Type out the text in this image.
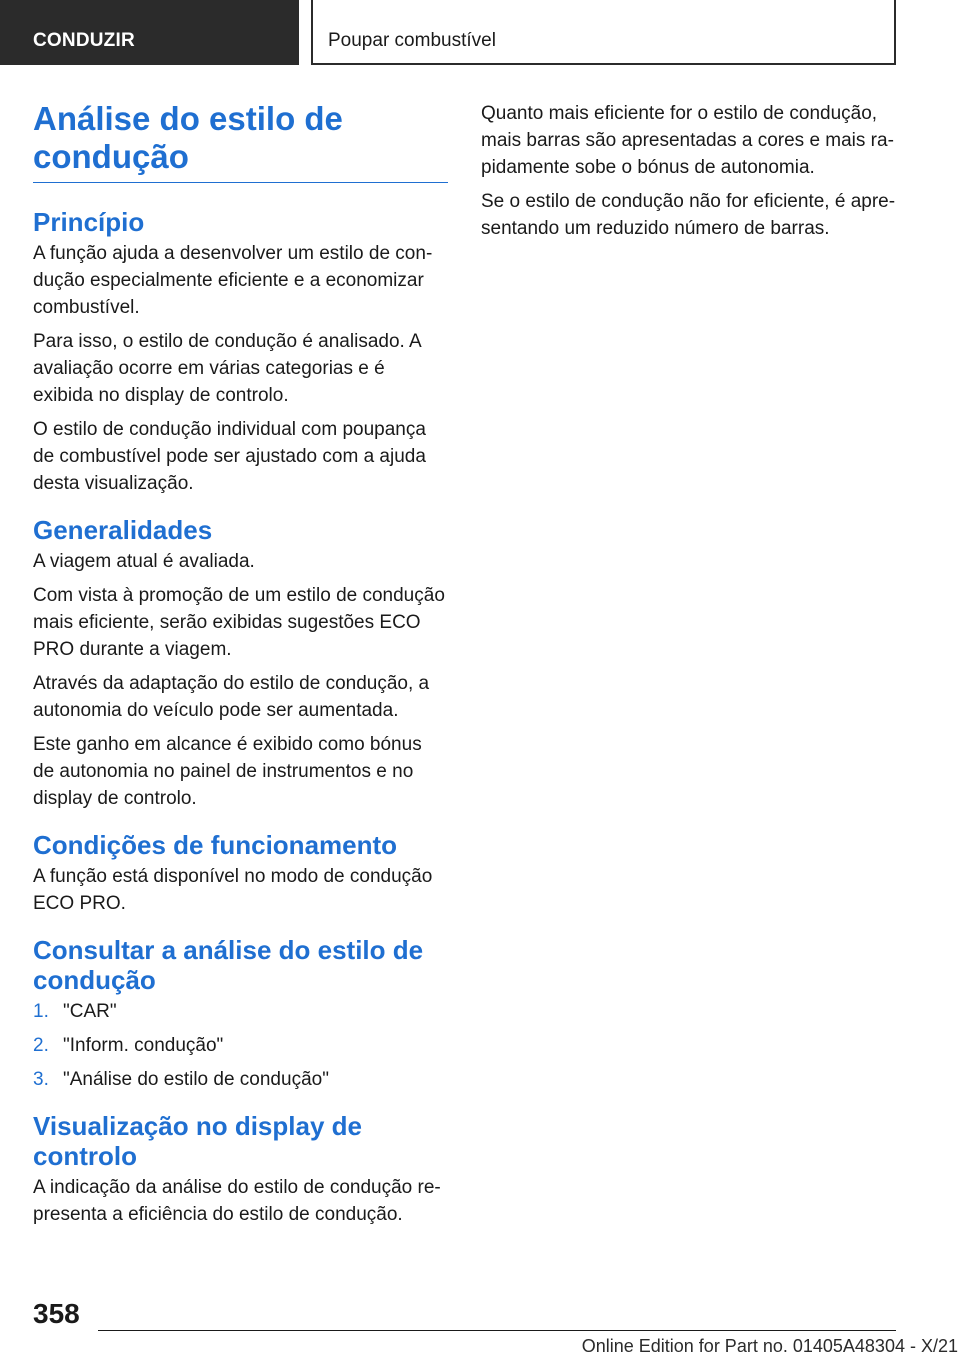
CONDUZIR	Poupar combustível
Análise do estilo de condução
Princípio

A função ajuda a desenvolver um estilo de condução especialmente eficiente e a economizar combustível.

Para isso, o estilo de condução é analisado. A avaliação ocorre em várias categorias e é exibida no display de controlo.

O estilo de condução individual com poupança de combustível pode ser ajustado com a ajuda desta visualização.

Generalidades

A viagem atual é avaliada.

Com vista à promoção de um estilo de condução mais eficiente, serão exibidas sugestões ECO PRO durante a viagem.

Através da adaptação do estilo de condução, a autonomia do veículo pode ser aumentada.

Este ganho em alcance é exibido como bónus de autonomia no painel de instrumentos e no display de controlo.

Condições de funcionamento

A função está disponível no modo de condução ECO PRO.

Consultar a análise do estilo de condução
1. "CAR"
2. "Inform. condução"
3. "Análise do estilo de condução"
Visualização no display de controlo

A indicação da análise do estilo de condução representa a eficiência do estilo de condução.

Quanto mais eficiente for o estilo de condução, mais barras são apresentadas a cores e mais rapidamente sobe o bónus de autonomia.

Se o estilo de condução não for eficiente, é apresentando um reduzido número de barras.

358
Online Edition for Part no. 01405A48304 - X/21
